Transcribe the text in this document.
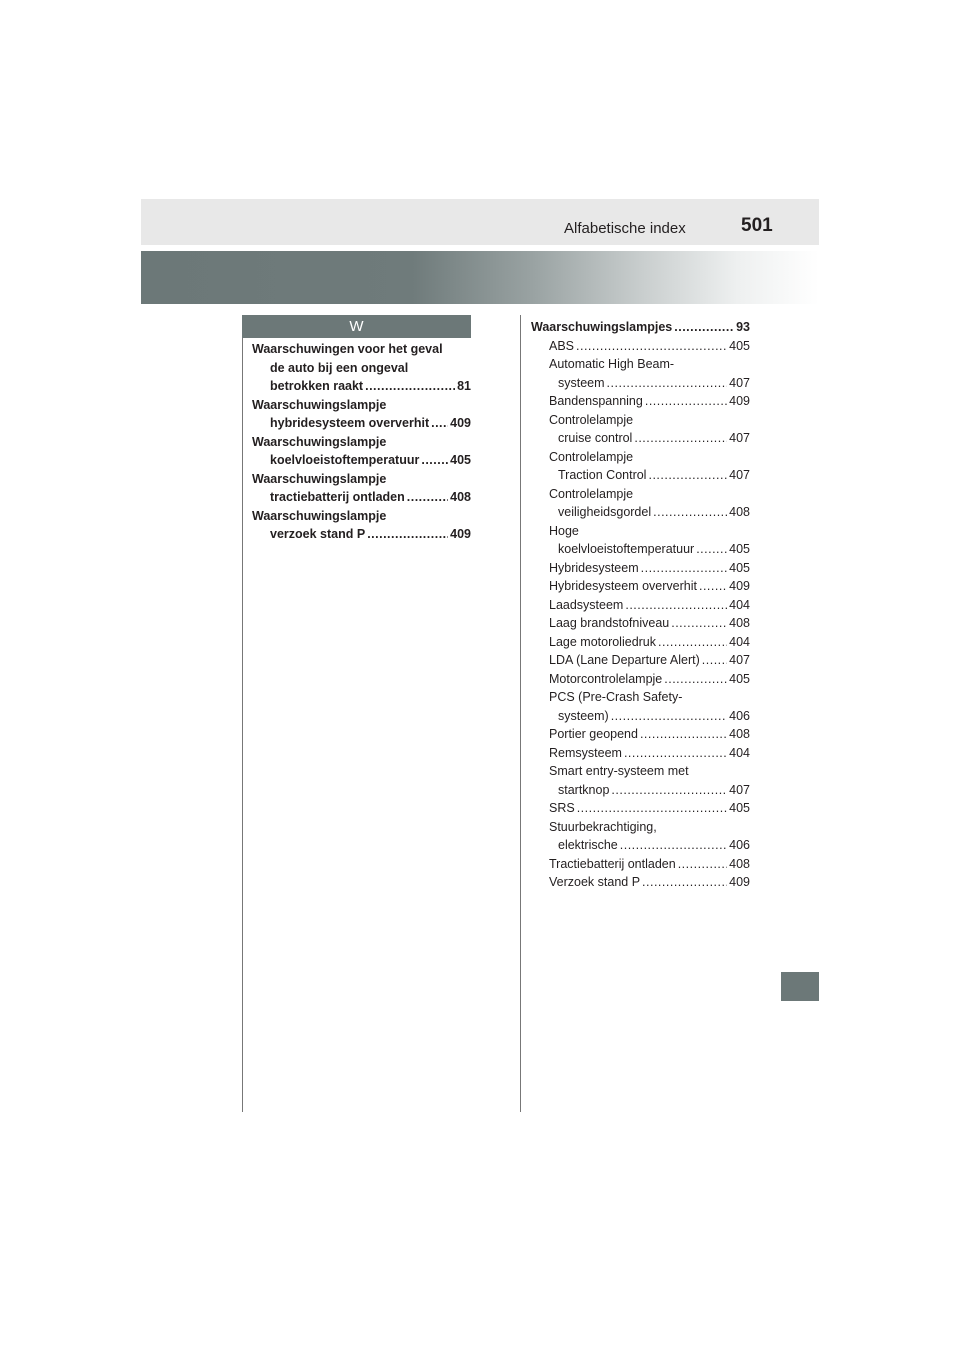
Alfabetische index	501
W
Waarschuwingen voor het geval
de auto bij een ongeval
betrokken raakt .....	81
Waarschuwingslampje
hybridesysteem oververhit ..... 409
Waarschuwingslampje
koelvloeistoftemperatuur ..... 405
Waarschuwingslampje
tractiebatterij ontladen .....	408
Waarschuwingslampje
verzoek stand P .....	409
Waarschuwingslampjes .....	93
ABS .....	405
Automatic High Beam-
systeem .....	407
Bandenspanning .....	409
Controlelampje
cruise control .....	407
Controlelampje
Traction Control .....	407
Controlelampje
veiligheidsgordel .....	408
Hoge
koelvloeistoftemperatuur .....	405
Hybridesysteem .....	405
Hybridesysteem oververhit .....	409
Laadsysteem .....	404
Laag brandstofniveau .....	408
Lage motoroliedruk .....	404
LDA (Lane Departure Alert) ..... 407
Motorcontrolelampje .....	405
PCS (Pre-Crash Safety-
systeem) .....	406
Portier geopend .....	408
Remsysteem .....	404
Smart entry-systeem met
startknop .....	407
SRS .....	405
Stuurbekrachtiging,
elektrische .....	406
Tractiebatterij ontladen .....	408
Verzoek stand P .....	409
